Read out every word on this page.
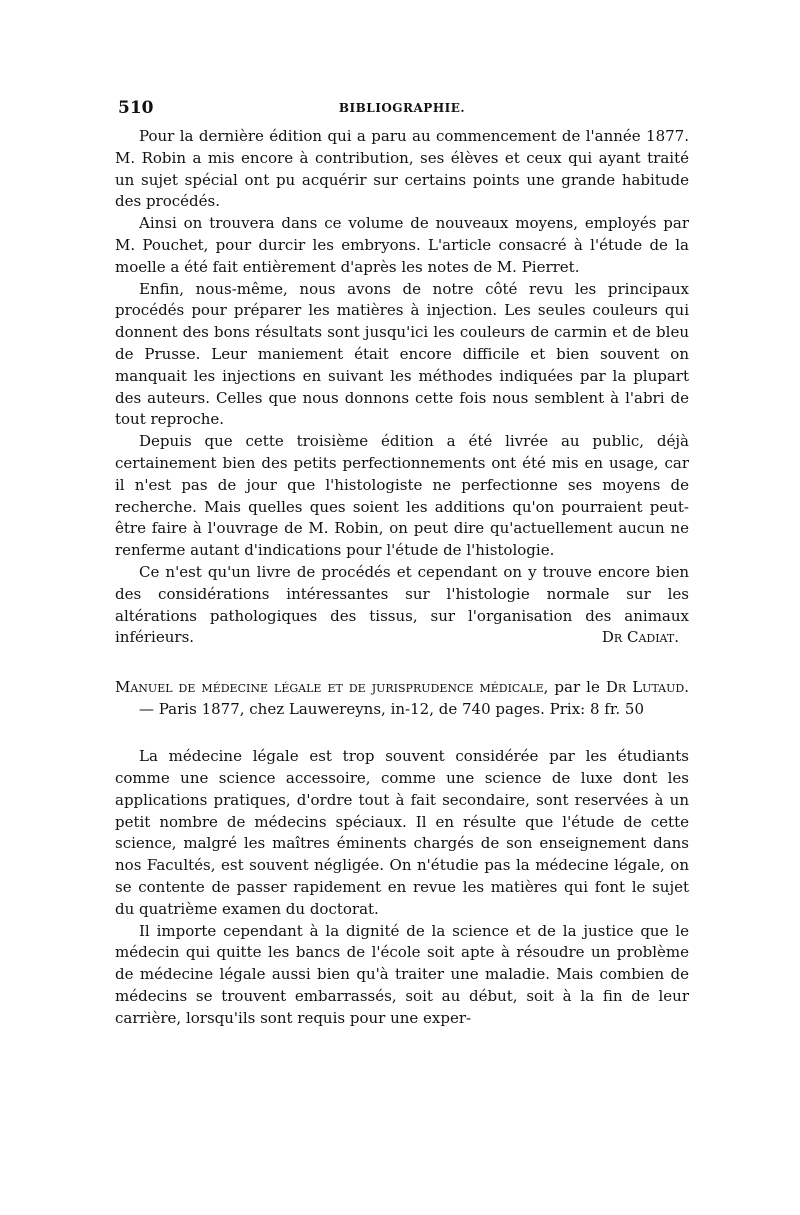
510	BIBLIOGRAPHIE.

Pour la dernière édition qui a paru au commencement de l'année 1877. M. Robin a mis encore à contribution, ses élèves et ceux qui ayant traité un sujet spécial ont pu acquérir sur certains points une grande habitude des procédés.

Ainsi on trouvera dans ce volume de nouveaux moyens, employés par M. Pouchet, pour durcir les embryons. L'article consacré à l'étude de la moelle a été fait entièrement d'après les notes de M. Pierret.

Enfin, nous-même, nous avons de notre côté revu les principaux procédés pour préparer les matières à injection. Les seules couleurs qui donnent des bons résultats sont jusqu'ici les couleurs de carmin et de bleu de Prusse. Leur maniement était encore difficile et bien souvent on manquait les injections en suivant les méthodes indiquées par la plupart des auteurs. Celles que nous donnons cette fois nous semblent à l'abri de tout reproche.

Depuis que cette troisième édition a été livrée au public, déjà certainement bien des petits perfectionnements ont été mis en usage, car il n'est pas de jour que l'histologiste ne perfectionne ses moyens de recherche. Mais quelles ques soient les additions qu'on pourraient peut-être faire à l'ouvrage de M. Robin, on peut dire qu'actuellement aucun ne renferme autant d'indications pour l'étude de l'histologie.

Ce n'est qu'un livre de procédés et cependant on y trouve encore bien des considérations intéressantes sur l'histologie normale sur les altérations pathologiques des tissus, sur l'organisation des animaux inférieurs.	Dr Cadiat.

Manuel de médecine légale et de jurisprudence médicale, par le Dr Lutaud. — Paris 1877, chez Lauwereyns, in-12, de 740 pages. Prix: 8 fr. 50

La médecine légale est trop souvent considérée par les étudiants comme une science accessoire, comme une science de luxe dont les applications pratiques, d'ordre tout à fait secondaire, sont reservées à un petit nombre de médecins spéciaux. Il en résulte que l'étude de cette science, malgré les maîtres éminents chargés de son enseignement dans nos Facultés, est souvent négligée. On n'étudie pas la médecine légale, on se contente de passer rapidement en revue les matières qui font le sujet du quatrième examen du doctorat.

Il importe cependant à la dignité de la science et de la justice que le médecin qui quitte les bancs de l'école soit apte à résoudre un problème de médecine légale aussi bien qu'à traiter une maladie. Mais combien de médecins se trouvent embarrassés, soit au début, soit à la fin de leur carrière, lorsqu'ils sont requis pour une exper-
